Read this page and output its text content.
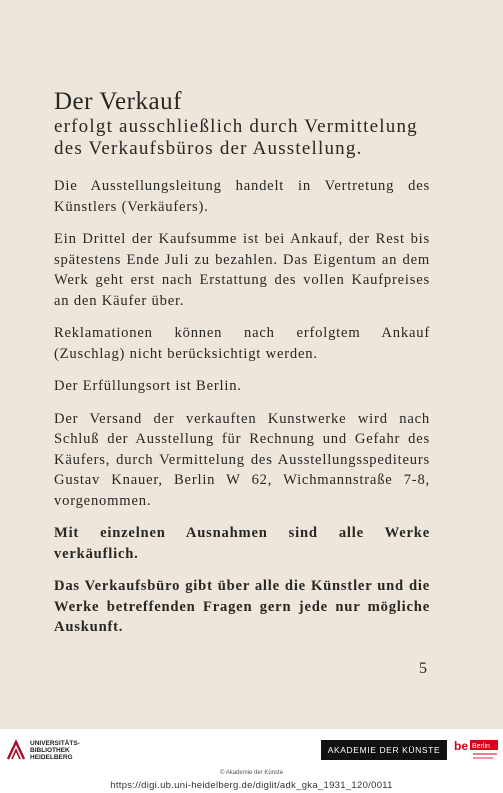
Der Verkauf

erfolgt ausschließlich durch Vermittelung des Verkaufsbüros der Ausstellung.

Die Ausstellungsleitung handelt in Vertretung des Künstlers (Verkäufers).

Ein Drittel der Kaufsumme ist bei Ankauf, der Rest bis spätestens Ende Juli zu bezahlen. Das Eigentum an dem Werk geht erst nach Erstattung des vollen Kaufpreises an den Käufer über.

Reklamationen können nach erfolgtem Ankauf (Zuschlag) nicht berücksichtigt werden.

Der Erfüllungsort ist Berlin.

Der Versand der verkauften Kunstwerke wird nach Schluß der Ausstellung für Rechnung und Gefahr des Käufers, durch Vermittelung des Ausstellungsspediteurs Gustav Knauer, Berlin W 62, Wichmannstraße 7-8, vorgenommen.

Mit einzelnen Ausnahmen sind alle Werke verkäuflich.

Das Verkaufsbüro gibt über alle die Künstler und die Werke betreffenden Fragen gern jede nur mögliche Auskunft.

5
UNIVERSITÄTS-
BIBLIOTHEK
HEIDELBERG
AKADEMIE DER KÜNSTE	be Berlin
© Akademie der Künste
https://digi.ub.uni-heidelberg.de/diglit/adk_gka_1931_120/0011
